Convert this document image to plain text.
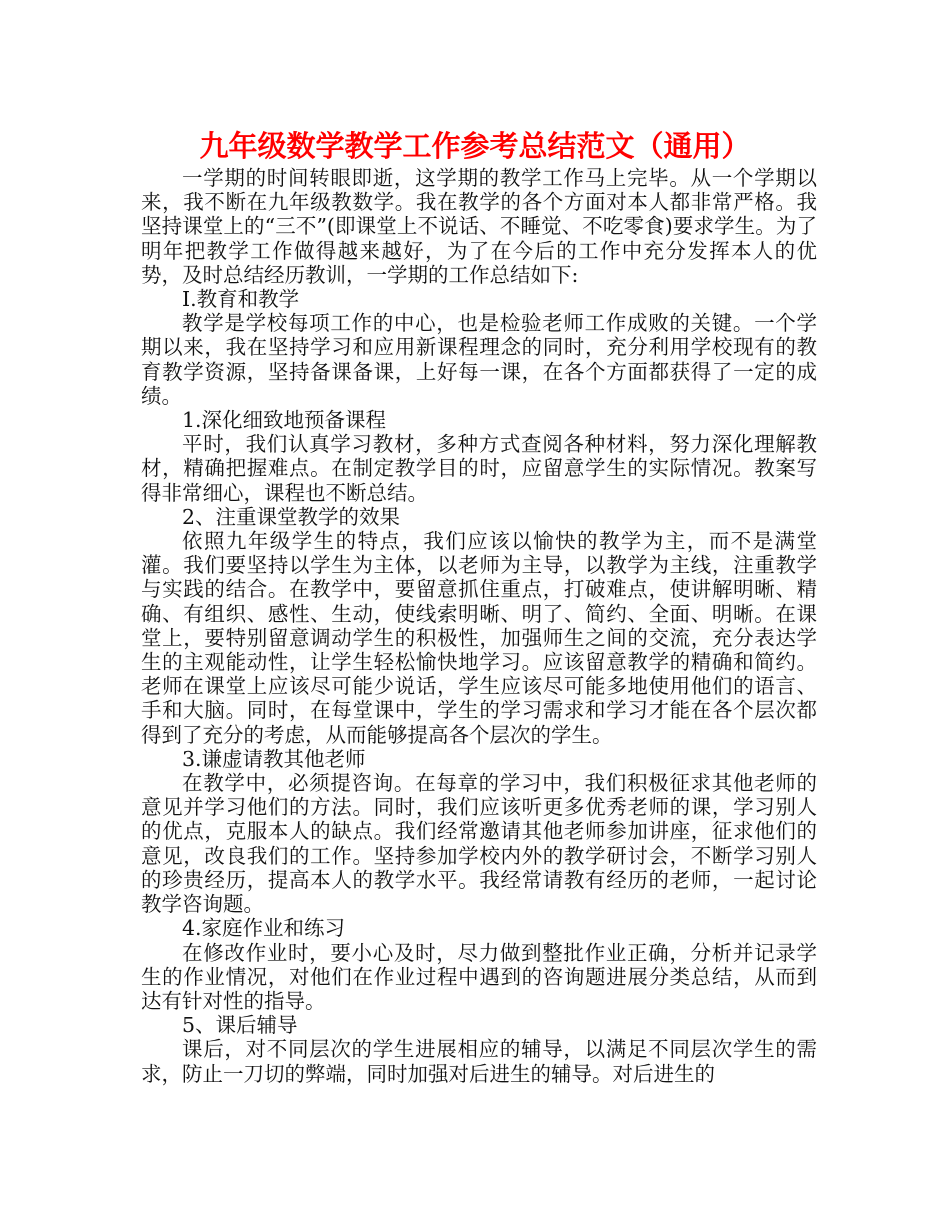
九年级数学教学工作参考总结范文（通用）

一学期的时间转眼即逝，这学期的教学工作马上完毕。从一个学期以来，我不断在九年级教数学。我在教学的各个方面对本人都非常严格。我坚持课堂上的“三不”(即课堂上不说话、不睡觉、不吃零食)要求学生。为了明年把教学工作做得越来越好，为了在今后的工作中充分发挥本人的优势，及时总结经历教训，一学期的工作总结如下:

Ⅰ.教育和教学

教学是学校每项工作的中心，也是检验老师工作成败的关键。一个学期以来，我在坚持学习和应用新课程理念的同时，充分利用学校现有的教育教学资源，坚持备课备课，上好每一课，在各个方面都获得了一定的成绩。

1.深化细致地预备课程

平时，我们认真学习教材，多种方式查阅各种材料，努力深化理解教材，精确把握难点。在制定教学目的时，应留意学生的实际情况。教案写得非常细心，课程也不断总结。

2、注重课堂教学的效果

依照九年级学生的特点，我们应该以愉快的教学为主，而不是满堂灌。我们要坚持以学生为主体，以老师为主导，以教学为主线，注重教学与实践的结合。在教学中，要留意抓住重点，打破难点，使讲解明晰、精确、有组织、感性、生动，使线索明晰、明了、简约、全面、明晰。在课堂上，要特别留意调动学生的积极性，加强师生之间的交流，充分表达学生的主观能动性，让学生轻松愉快地学习。应该留意教学的精确和简约。老师在课堂上应该尽可能少说话，学生应该尽可能多地使用他们的语言、手和大脑。同时，在每堂课中，学生的学习需求和学习才能在各个层次都得到了充分的考虑，从而能够提高各个层次的学生。

3.谦虚请教其他老师

在教学中，必须提咨询。在每章的学习中，我们积极征求其他老师的意见并学习他们的方法。同时，我们应该听更多优秀老师的课，学习别人的优点，克服本人的缺点。我们经常邀请其他老师参加讲座，征求他们的意见，改良我们的工作。坚持参加学校内外的教学研讨会，不断学习别人的珍贵经历，提高本人的教学水平。我经常请教有经历的老师，一起讨论教学咨询题。

4.家庭作业和练习

在修改作业时，要小心及时，尽力做到整批作业正确，分析并记录学生的作业情况，对他们在作业过程中遇到的咨询题进展分类总结，从而到达有针对性的指导。

5、课后辅导

课后，对不同层次的学生进展相应的辅导，以满足不同层次学生的需求，防止一刀切的弊端，同时加强对后进生的辅导。对后进生的
